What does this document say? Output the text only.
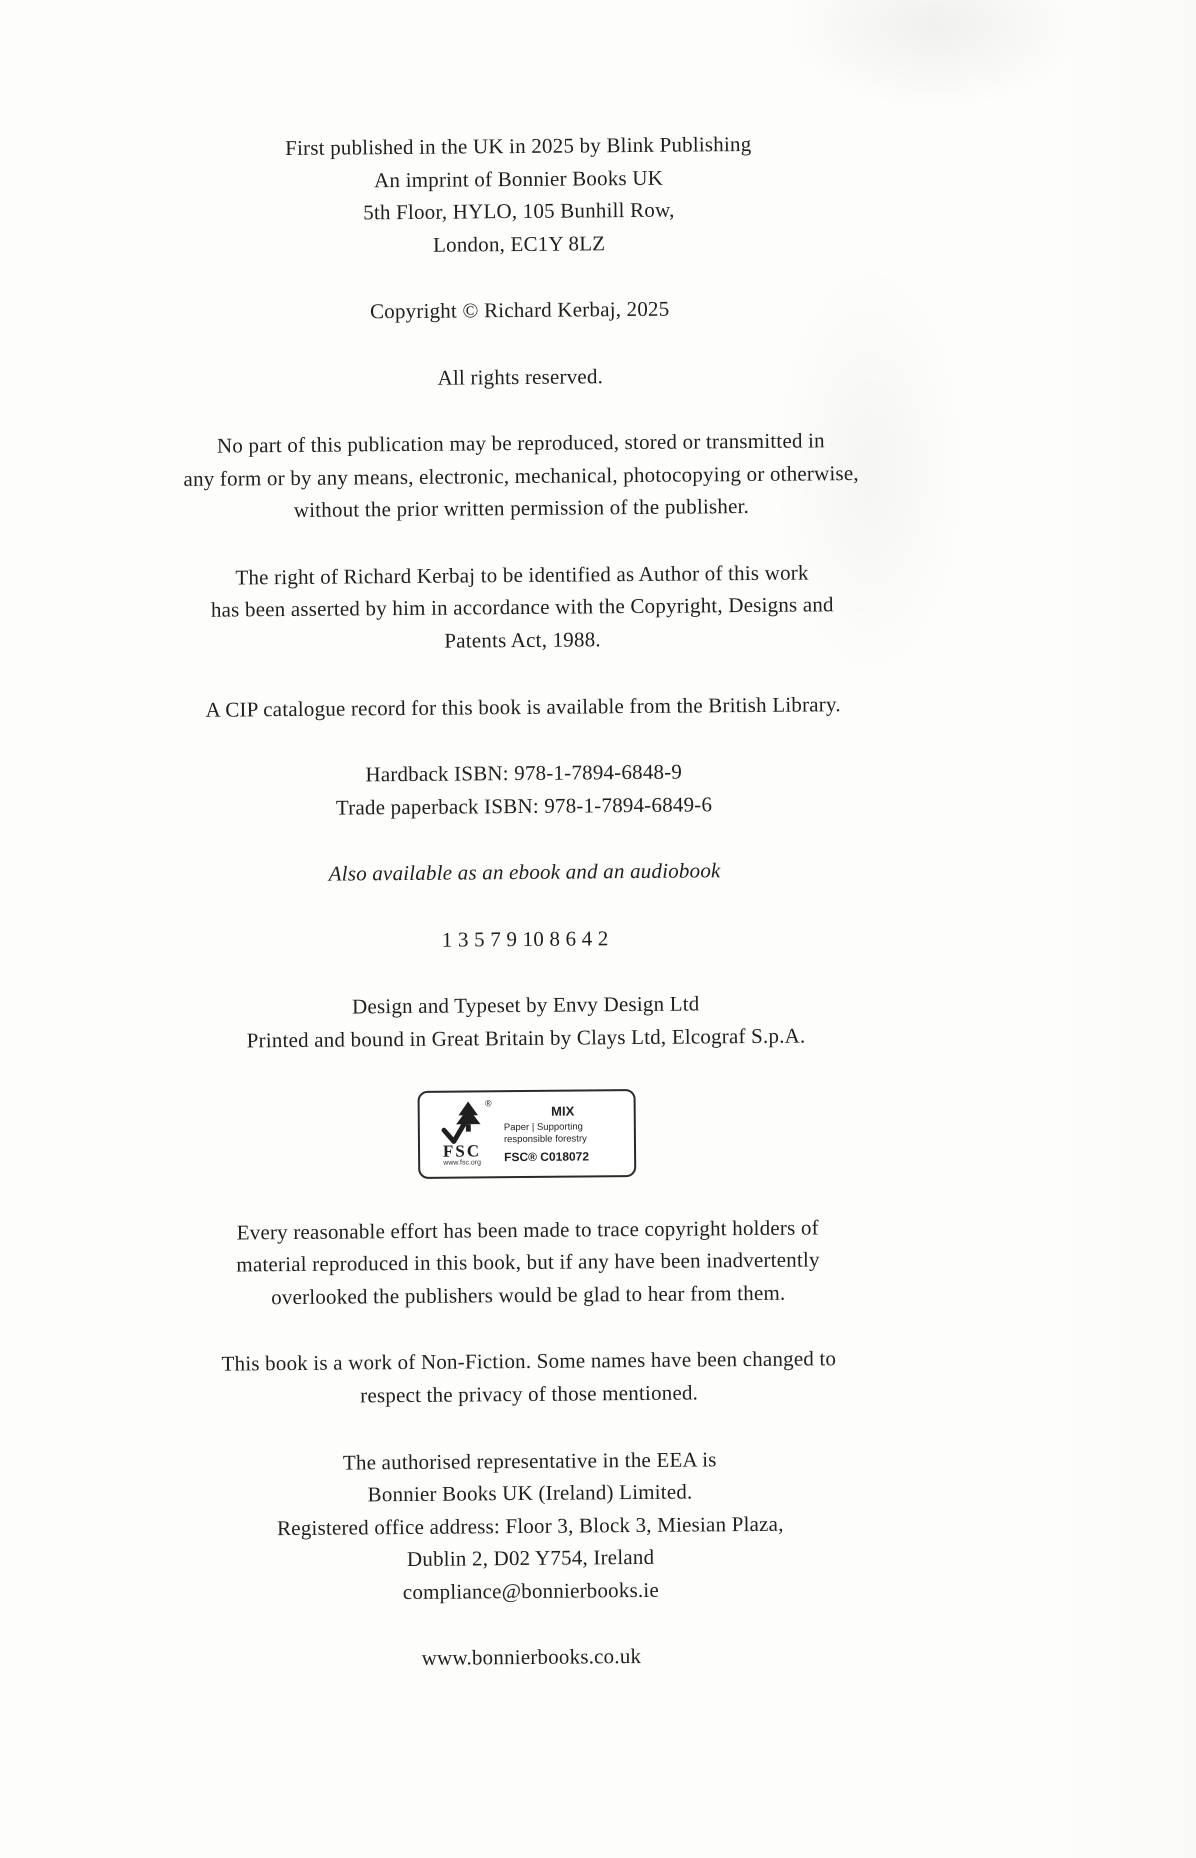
First published in the UK in 2025 by Blink Publishing
An imprint of Bonnier Books UK
5th Floor, HYLO, 105 Bunhill Row,
London, EC1Y 8LZ

Copyright © Richard Kerbaj, 2025

All rights reserved.

No part of this publication may be reproduced, stored or transmitted in
any form or by any means, electronic, mechanical, photocopying or otherwise,
without the prior written permission of the publisher.

The right of Richard Kerbaj to be identified as Author of this work
has been asserted by him in accordance with the Copyright, Designs and
Patents Act, 1988.

A CIP catalogue record for this book is available from the British Library.

Hardback ISBN: 978-1-7894-6848-9
Trade paperback ISBN: 978-1-7894-6849-6

Also available as an ebook and an audiobook

1 3 5 7 9 10 8 6 4 2

Design and Typeset by Envy Design Ltd
Printed and bound in Great Britain by Clays Ltd, Elcograf S.p.A.

®
FSC
www.fsc.org
MIX
Paper | Supporting
responsible forestry
FSC® C018072

Every reasonable effort has been made to trace copyright holders of
material reproduced in this book, but if any have been inadvertently
overlooked the publishers would be glad to hear from them.

This book is a work of Non-Fiction. Some names have been changed to
respect the privacy of those mentioned.

The authorised representative in the EEA is
Bonnier Books UK (Ireland) Limited.
Registered office address: Floor 3, Block 3, Miesian Plaza,
Dublin 2, D02 Y754, Ireland
compliance@bonnierbooks.ie

www.bonnierbooks.co.uk
